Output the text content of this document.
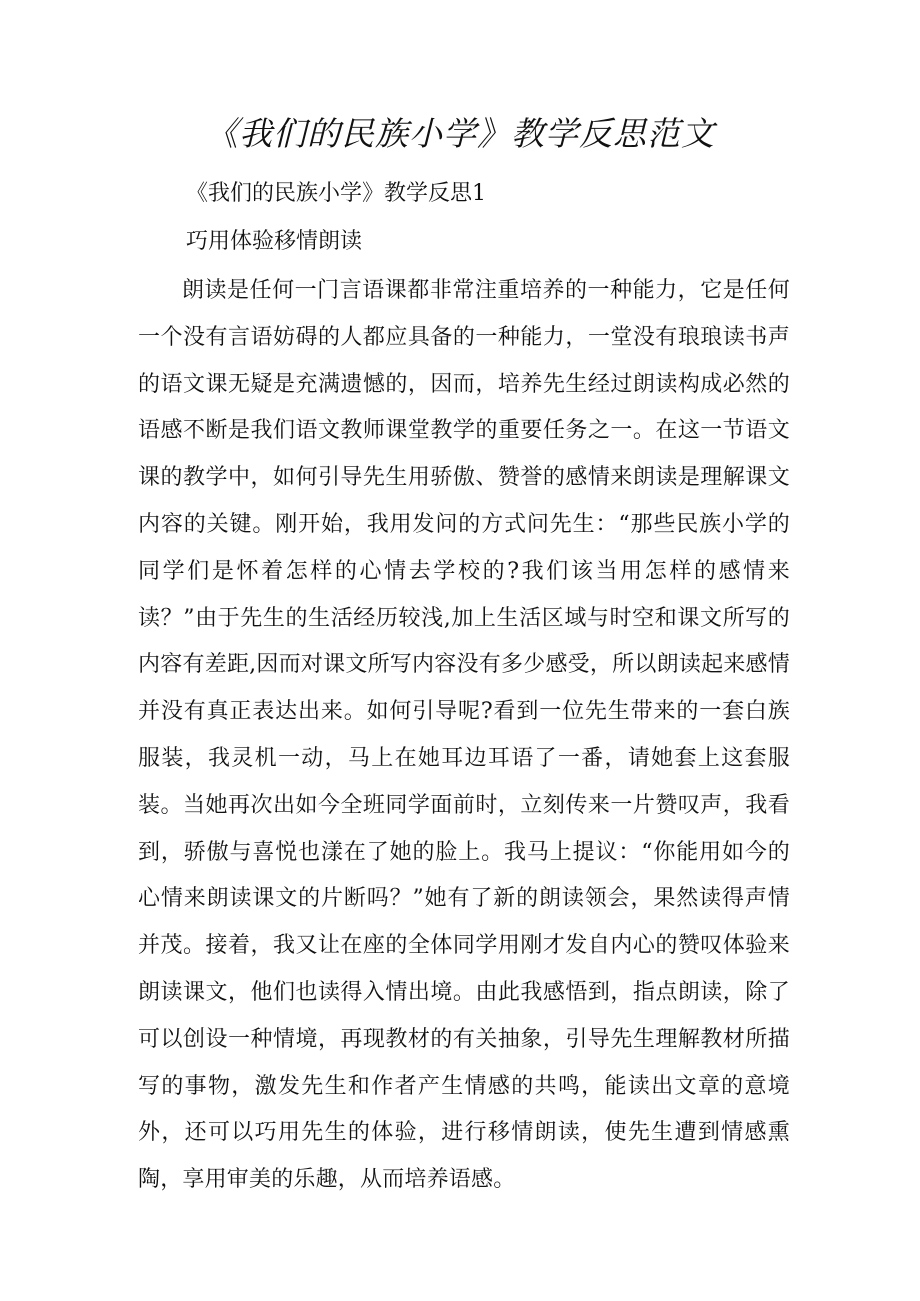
《我们的民族小学》教学反思范文
《我们的民族小学》教学反思1
巧用体验移情朗读

朗读是任何一门言语课都非常注重培养的一种能力，它是任何一个没有言语妨碍的人都应具备的一种能力，一堂没有琅琅读书声的语文课无疑是充满遗憾的，因而，培养先生经过朗读构成必然的语感不断是我们语文教师课堂教学的重要任务之一。在这一节语文课的教学中，如何引导先生用骄傲、赞誉的感情来朗读是理解课文内容的关键。刚开始，我用发问的方式问先生：“那些民族小学的同学们是怀着怎样的心情去学校的?我们该当用怎样的感情来读？”由于先生的生活经历较浅,加上生活区域与时空和课文所写的内容有差距,因而对课文所写内容没有多少感受，所以朗读起来感情并没有真正表达出来。如何引导呢?看到一位先生带来的一套白族服装，我灵机一动，马上在她耳边耳语了一番，请她套上这套服装。当她再次出如今全班同学面前时，立刻传来一片赞叹声，我看到，骄傲与喜悦也漾在了她的脸上。我马上提议：“你能用如今的心情来朗读课文的片断吗？”她有了新的朗读领会，果然读得声情并茂。接着，我又让在座的全体同学用刚才发自内心的赞叹体验来朗读课文，他们也读得入情出境。由此我感悟到，指点朗读，除了可以创设一种情境，再现教材的有关抽象，引导先生理解教材所描写的事物，激发先生和作者产生情感的共鸣，能读出文章的意境外，还可以巧用先生的体验，进行移情朗读，使先生遭到情感熏陶，享用审美的乐趣，从而培养语感。
